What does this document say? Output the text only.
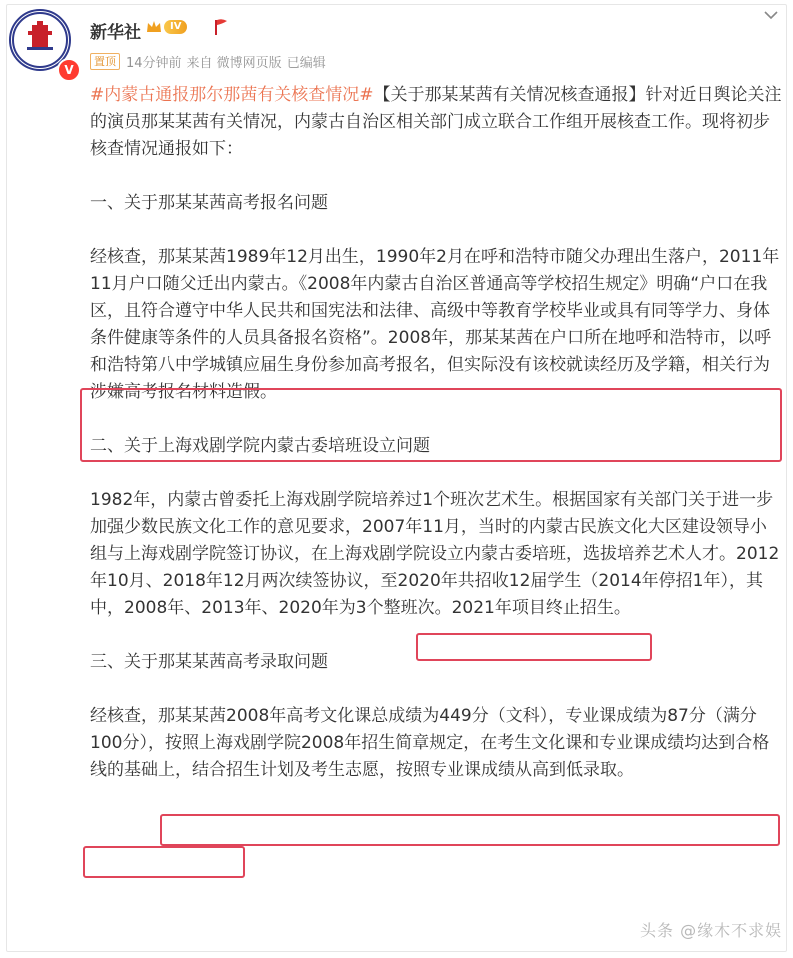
V
新华社	IV
置顶 14分钟前 来自 微博网页版 已编辑

#内蒙古通报那尔那茜有关核查情况#【关于那某某茜有关情况核查通报】针对近日舆论关注的演员那某某茜有关情况，内蒙古自治区相关部门成立联合工作组开展核查工作。现将初步核查情况通报如下：

一、关于那某某茜高考报名问题

经核查，那某某茜1989年12月出生，1990年2月在呼和浩特市随父办理出生落户，2011年11月户口随父迁出内蒙古。《2008年内蒙古自治区普通高等学校招生规定》明确“户口在我区，且符合遵守中华人民共和国宪法和法律、高级中等教育学校毕业或具有同等学力、身体条件健康等条件的人员具备报名资格”。2008年，那某某茜在户口所在地呼和浩特市，以呼和浩特第八中学城镇应届生身份参加高考报名，但实际没有该校就读经历及学籍，相关行为涉嫌高考报名材料造假。

二、关于上海戏剧学院内蒙古委培班设立问题

1982年，内蒙古曾委托上海戏剧学院培养过1个班次艺术生。根据国家有关部门关于进一步加强少数民族文化工作的意见要求，2007年11月，当时的内蒙古民族文化大区建设领导小组与上海戏剧学院签订协议，在上海戏剧学院设立内蒙古委培班，选拔培养艺术人才。2012年10月、2018年12月两次续签协议，至2020年共招收12届学生（2014年停招1年），其中，2008年、2013年、2020年为3个整班次。2021年项目终止招生。

三、关于那某某茜高考录取问题

经核查，那某某茜2008年高考文化课总成绩为449分（文科），专业课成绩为87分（满分100分），按照上海戏剧学院2008年招生简章规定，在考生文化课和专业课成绩均达到合格线的基础上，结合招生计划及考生志愿，按照专业课成绩从高到低录取。

头条 @缘木不求娱
